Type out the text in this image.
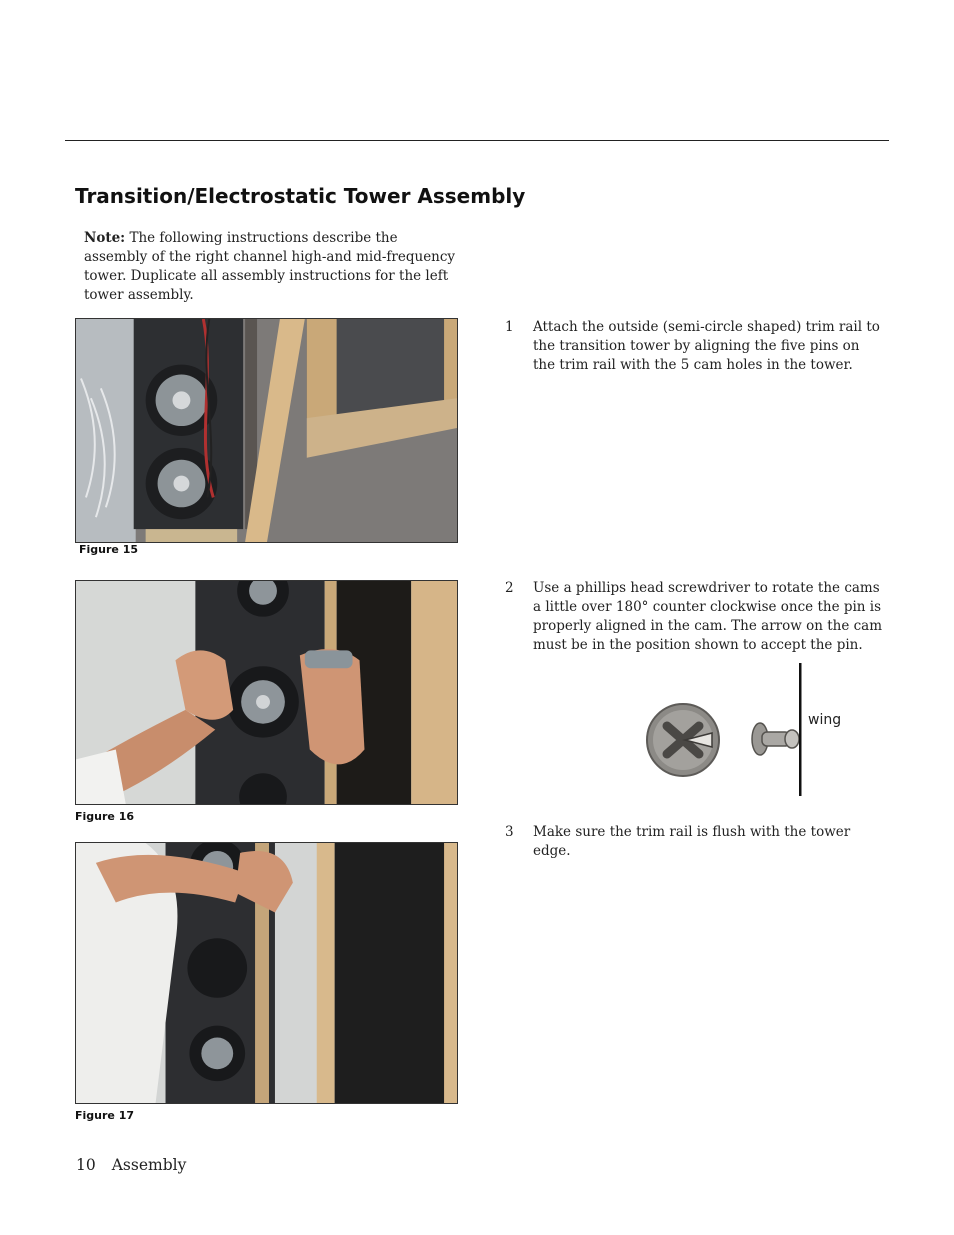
Transition/Electrostatic Tower Assembly
Note: The following instructions describe the assembly of the right channel high-and mid-frequency tower. Duplicate all assembly instructions for the left tower assembly.
Figure 15
Figure 16
Figure 17
1 Attach the outside (semi-circle shaped) trim rail to the transition tower by aligning the five pins on the trim rail with the 5 cam holes in the tower.
2 Use a phillips head screwdriver to rotate the cams a little over 180° counter clockwise once the pin is properly aligned in the cam. The arrow on the cam must be in the position shown to accept the pin.
3 Make sure the trim rail is flush with the tower edge.
wing
10 Assembly
